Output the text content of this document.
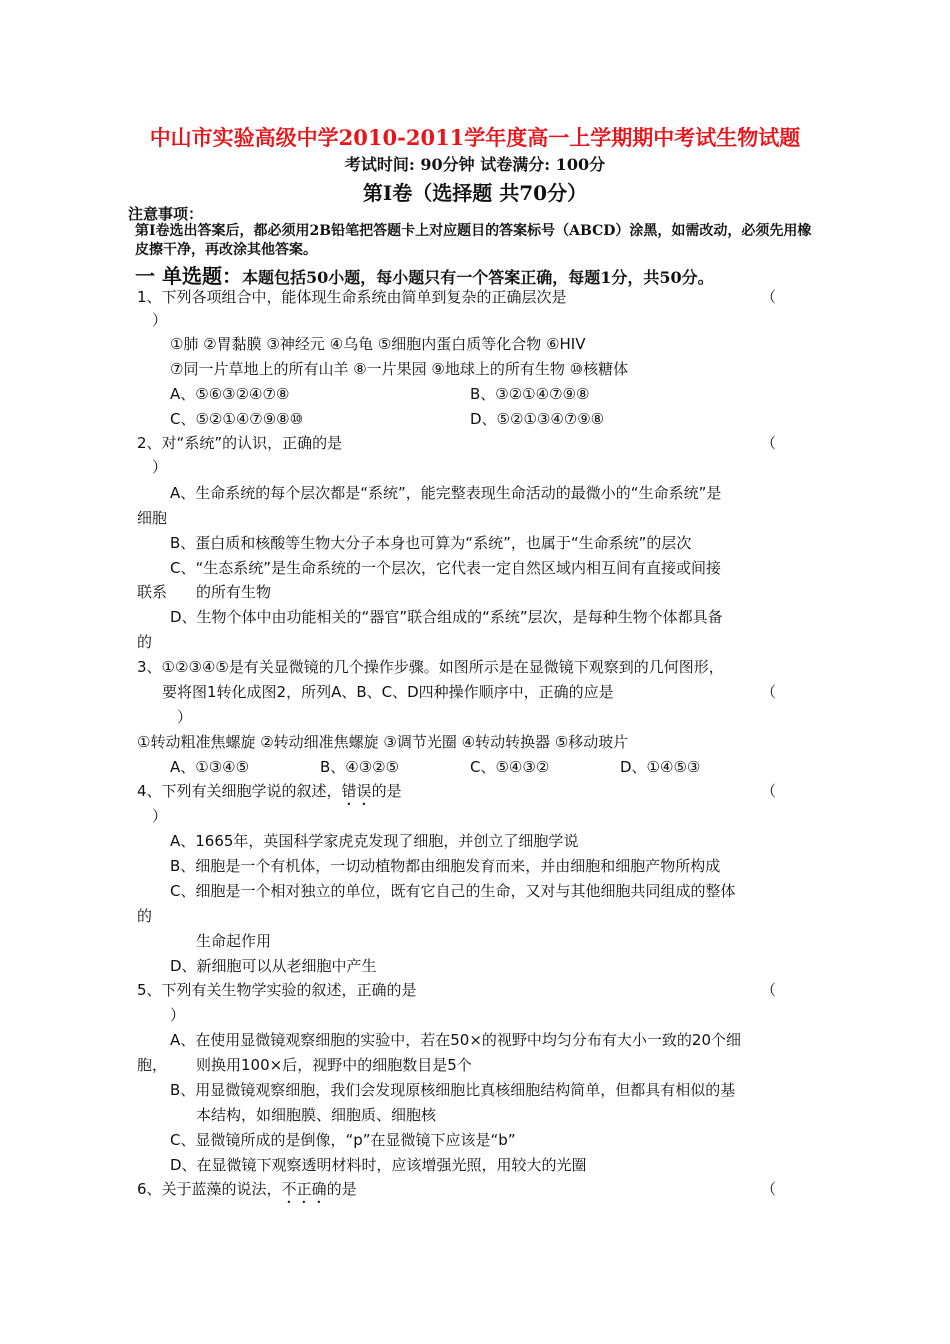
中山市实验高级中学2010-2011学年度高一上学期期中考试生物试题
考试时间: 90分钟 试卷满分: 100分
第Ⅰ卷（选择题 共70分）
注意事项：
第Ⅰ卷选出答案后，都必须用2B铅笔把答题卡上对应题目的答案标号（ABCD）涂黑，如需改动，必须先用橡皮擦干净，再改涂其他答案。
一 单选题：本题包括50小题，每小题只有一个答案正确，每题1分，共50分。
1、下列各项组合中，能体现生命系统由简单到复杂的正确层次是	（
）
①肺 ②胃黏膜 ③神经元 ④乌龟 ⑤细胞内蛋白质等化合物 ⑥HIV
⑦同一片草地上的所有山羊 ⑧一片果园 ⑨地球上的所有生物 ⑩核糖体
A、⑤⑥③②④⑦⑧	B、③②①④⑦⑨⑧
C、⑤②①④⑦⑨⑧⑩	D、⑤②①③④⑦⑨⑧
2、对“系统”的认识，正确的是	（
）
A、生命系统的每个层次都是“系统”，能完整表现生命活动的最微小的“生命系统”是
细胞
B、蛋白质和核酸等生物大分子本身也可算为“系统”，也属于“生命系统”的层次
C、“生态系统”是生命系统的一个层次，它代表一定自然区域内相互间有直接或间接
联系 的所有生物
D、生物个体中由功能相关的“器官”联合组成的“系统”层次，是每种生物个体都具备
的
3、①②③④⑤是有关显微镜的几个操作步骤。如图所示是在显微镜下观察到的几何图形，
要将图1转化成图2，所列A、B、C、D四种操作顺序中，正确的应是	（
）
①转动粗准焦螺旋 ②转动细准焦螺旋 ③调节光圈 ④转动转换器 ⑤移动玻片
A、①③④⑤	B、④③②⑤	C、⑤④③②	D、①④⑤③
4、下列有关细胞学说的叙述，错误的是	（
）
A、1665年，英国科学家虎克发现了细胞，并创立了细胞学说
B、细胞是一个有机体，一切动植物都由细胞发育而来，并由细胞和细胞产物所构成
C、细胞是一个相对独立的单位，既有它自己的生命，又对与其他细胞共同组成的整体
的
生命起作用
D、新细胞可以从老细胞中产生
5、下列有关生物学实验的叙述，正确的是	（
）
A、在使用显微镜观察细胞的实验中，若在50×的视野中均匀分布有大小一致的20个细
胞， 则换用100×后，视野中的细胞数目是5个
B、用显微镜观察细胞，我们会发现原核细胞比真核细胞结构简单，但都具有相似的基
本结构，如细胞膜、细胞质、细胞核
C、显微镜所成的是倒像，“p”在显微镜下应该是“b”
D、在显微镜下观察透明材料时，应该增强光照，用较大的光圈
6、关于蓝藻的说法，不正确的是	（
